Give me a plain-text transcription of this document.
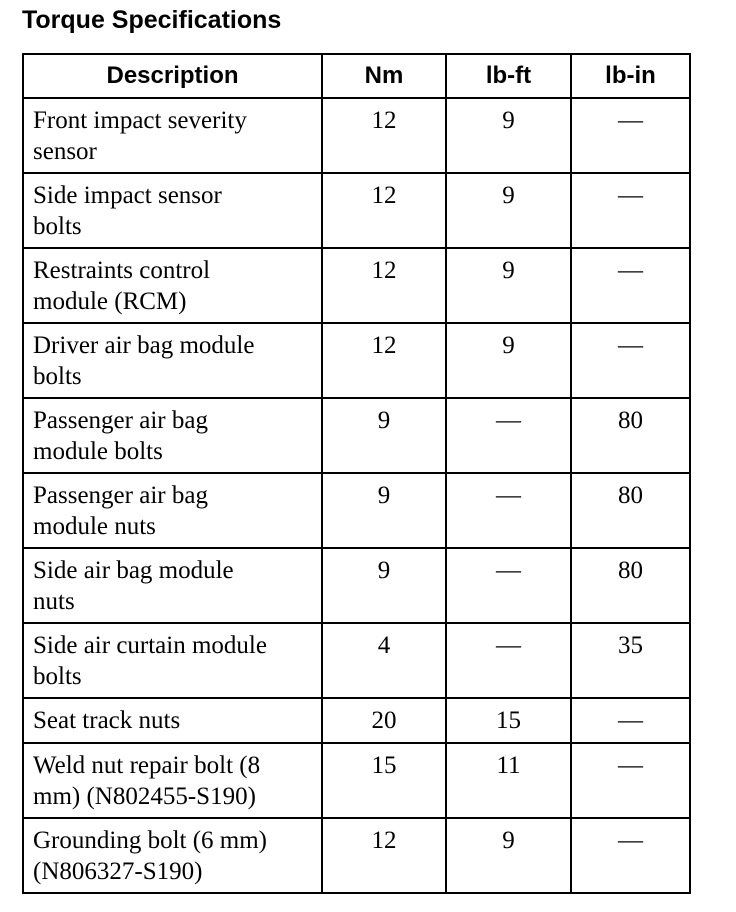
Torque Specifications
Description	Nm	lb-ft	lb-in

Front impact severity
sensor	12	9	—

Side impact sensor
bolts	12	9	—

Restraints control
module (RCM)	12	9	—

Driver air bag module
bolts	12	9	—

Passenger air bag
module bolts	9	—	80

Passenger air bag
module nuts	9	—	80

Side air bag module
nuts	9	—	80

Side air curtain module
bolts	4	—	35

Seat track nuts	20	15	—

Weld nut repair bolt (8
mm) (N802455-S190)	15	11	—

Grounding bolt (6 mm)
(N806327-S190)	12	9	—
